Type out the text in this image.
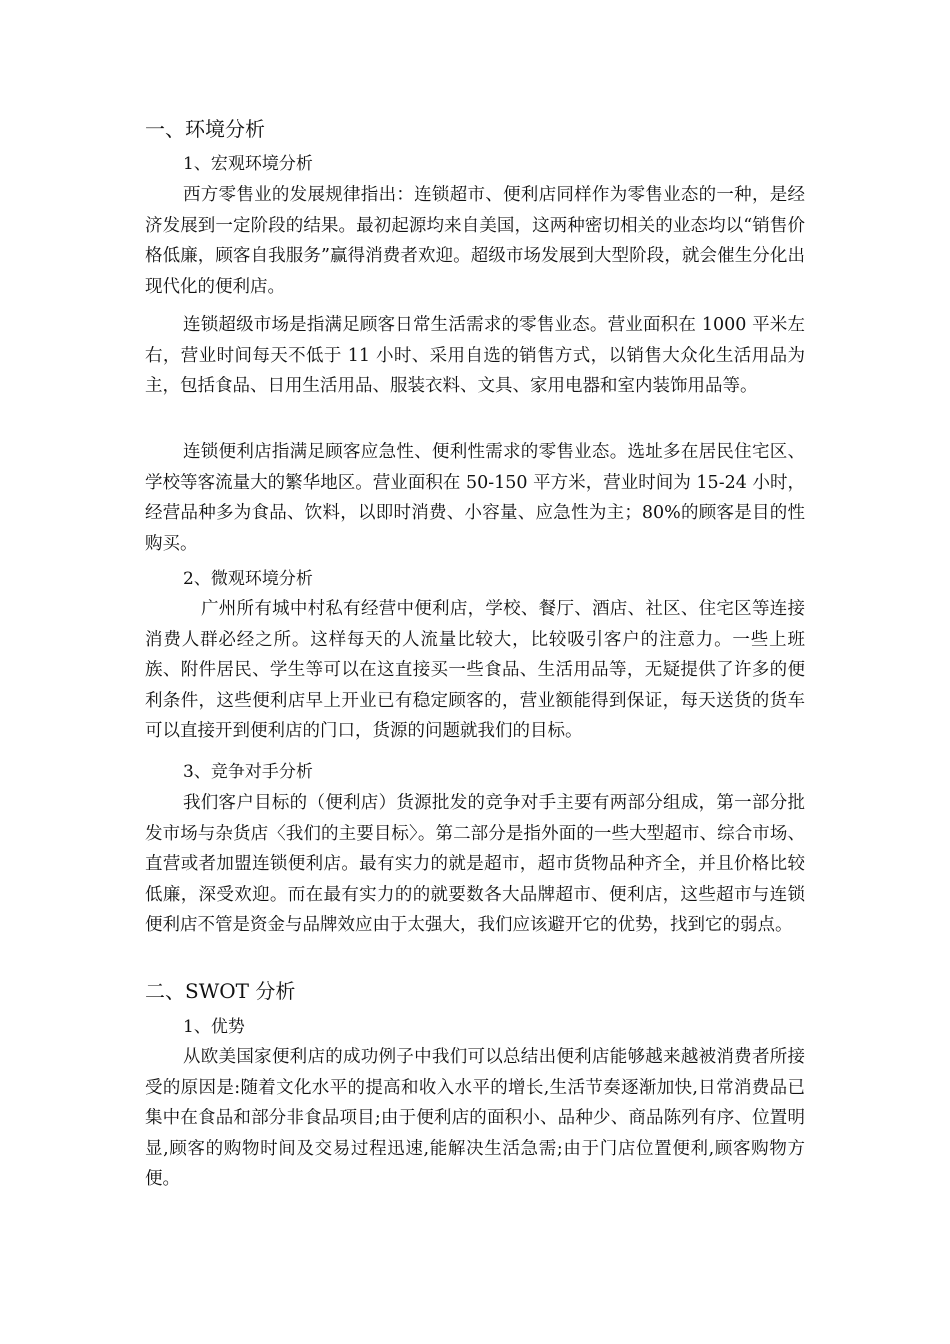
一、环境分析
1、宏观环境分析

西方零售业的发展规律指出：连锁超市、便利店同样作为零售业态的一种，是经济发展到一定阶段的结果。最初起源均来自美国，这两种密切相关的业态均以“销售价格低廉，顾客自我服务”赢得消费者欢迎。超级市场发展到大型阶段，就会催生分化出现代化的便利店。

连锁超级市场是指满足顾客日常生活需求的零售业态。营业面积在 1000 平米左右，营业时间每天不低于 11 小时、采用自选的销售方式，以销售大众化生活用品为主，包括食品、日用生活用品、服装衣料、文具、家用电器和室内装饰用品等。

连锁便利店指满足顾客应急性、便利性需求的零售业态。选址多在居民住宅区、学校等客流量大的繁华地区。营业面积在 50-150 平方米，营业时间为 15-24 小时，经营品种多为食品、饮料，以即时消费、小容量、应急性为主；80%的顾客是目的性购买。

2、微观环境分析

广州所有城中村私有经营中便利店，学校、餐厅、酒店、社区、住宅区等连接消费人群必经之所。这样每天的人流量比较大，比较吸引客户的注意力。一些上班族、附件居民、学生等可以在这直接买一些食品、生活用品等，无疑提供了许多的便利条件，这些便利店早上开业已有稳定顾客的，营业额能得到保证，每天送货的货车可以直接开到便利店的门口，货源的问题就我们的目标。

3、竞争对手分析

我们客户目标的（便利店）货源批发的竞争对手主要有两部分组成，第一部分批发市场与杂货店〈我们的主要目标〉。第二部分是指外面的一些大型超市、综合市场、直营或者加盟连锁便利店。最有实力的就是超市，超市货物品种齐全，并且价格比较低廉，深受欢迎。而在最有实力的的就要数各大品牌超市、便利店，这些超市与连锁便利店不管是资金与品牌效应由于太强大，我们应该避开它的优势，找到它的弱点。

二、SWOT 分析
1、优势

从欧美国家便利店的成功例子中我们可以总结出便利店能够越来越被消费者所接受的原因是:随着文化水平的提高和收入水平的增长,生活节奏逐渐加快,日常消费品已集中在食品和部分非食品项目;由于便利店的面积小、品种少、商品陈列有序、位置明显,顾客的购物时间及交易过程迅速,能解决生活急需;由于门店位置便利,顾客购物方便。
